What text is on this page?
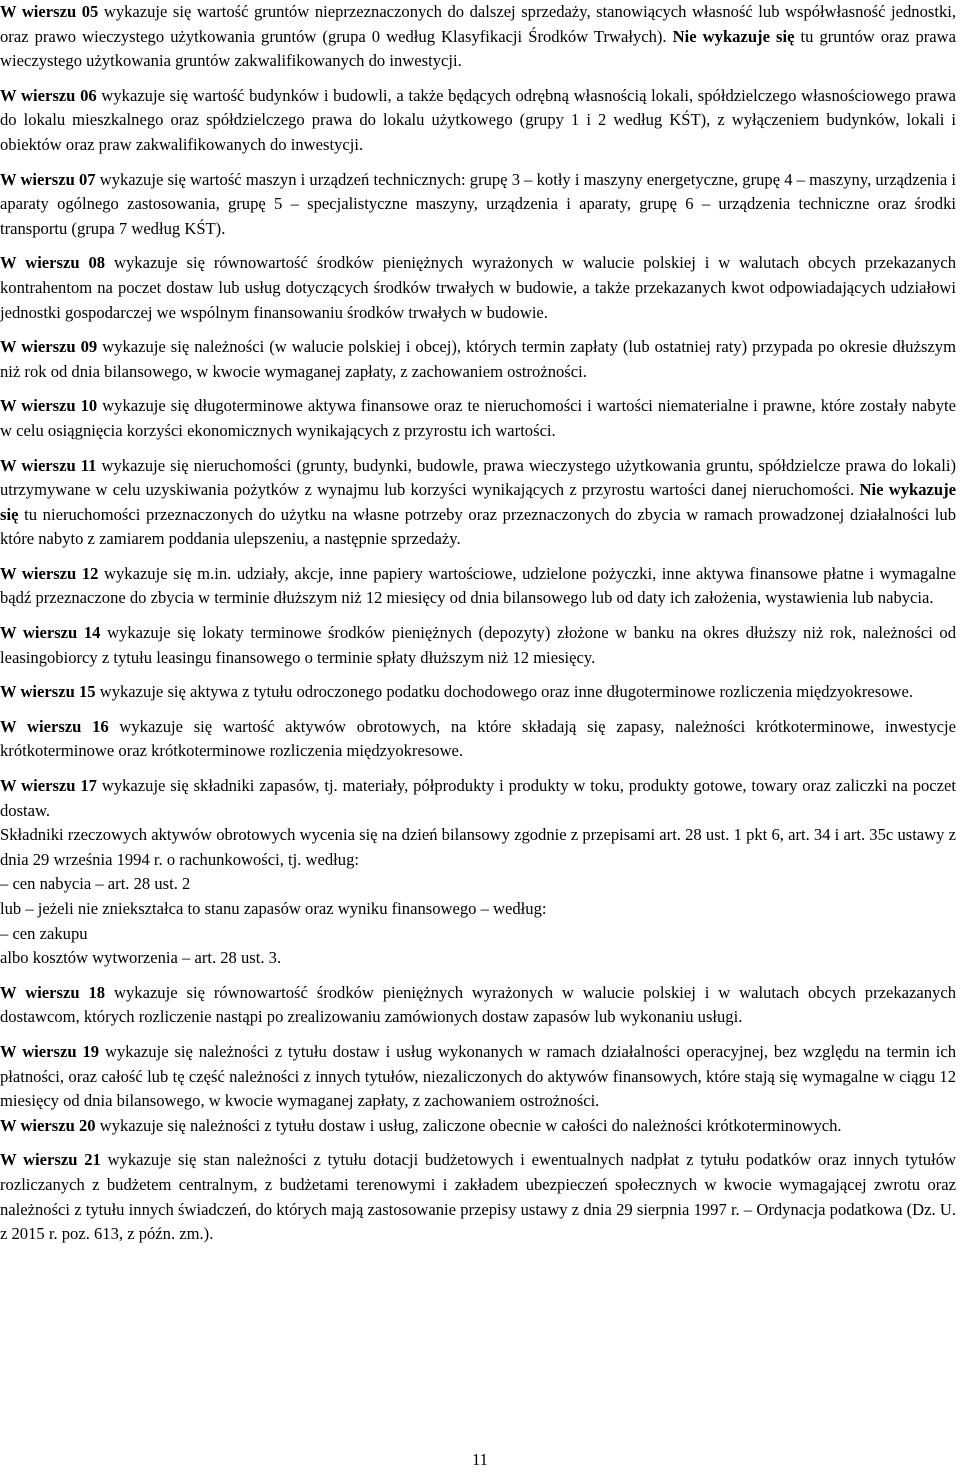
W wierszu 05 wykazuje się wartość gruntów nieprzeznaczonych do dalszej sprzedaży, stanowiących własność lub współwłasność jednostki, oraz prawo wieczystego użytkowania gruntów (grupa 0 według Klasyfikacji Środków Trwałych). Nie wykazuje się tu gruntów oraz prawa wieczystego użytkowania gruntów zakwalifikowanych do inwestycji.

W wierszu 06 wykazuje się wartość budynków i budowli, a także będących odrębną własnością lokali, spółdzielczego własnościowego prawa do lokalu mieszkalnego oraz spółdzielczego prawa do lokalu użytkowego (grupy 1 i 2 według KŚT), z wyłączeniem budynków, lokali i obiektów oraz praw zakwalifikowanych do inwestycji.

W wierszu 07 wykazuje się wartość maszyn i urządzeń technicznych: grupę 3 – kotły i maszyny energetyczne, grupę 4 – maszyny, urządzenia i aparaty ogólnego zastosowania, grupę 5 – specjalistyczne maszyny, urządzenia i aparaty, grupę 6 – urządzenia techniczne oraz środki transportu (grupa 7 według KŚT).

W wierszu 08 wykazuje się równowartość środków pieniężnych wyrażonych w walucie polskiej i w walutach obcych przekazanych kontrahentom na poczet dostaw lub usług dotyczących środków trwałych w budowie, a także przekazanych kwot odpowiadających udziałowi jednostki gospodarczej we wspólnym finansowaniu środków trwałych w budowie.

W wierszu 09 wykazuje się należności (w walucie polskiej i obcej), których termin zapłaty (lub ostatniej raty) przypada po okresie dłuższym niż rok od dnia bilansowego, w kwocie wymaganej zapłaty, z zachowaniem ostrożności.

W wierszu 10 wykazuje się długoterminowe aktywa finansowe oraz te nieruchomości i wartości niematerialne i prawne, które zostały nabyte w celu osiągnięcia korzyści ekonomicznych wynikających z przyrostu ich wartości.

W wierszu 11 wykazuje się nieruchomości (grunty, budynki, budowle, prawa wieczystego użytkowania gruntu, spółdzielcze prawa do lokali) utrzymywane w celu uzyskiwania pożytków z wynajmu lub korzyści wynikających z przyrostu wartości danej nieruchomości. Nie wykazuje się tu nieruchomości przeznaczonych do użytku na własne potrzeby oraz przeznaczonych do zbycia w ramach prowadzonej działalności lub które nabyto z zamiarem poddania ulepszeniu, a następnie sprzedaży.

W wierszu 12 wykazuje się m.in. udziały, akcje, inne papiery wartościowe, udzielone pożyczki, inne aktywa finansowe płatne i wymagalne bądź przeznaczone do zbycia w terminie dłuższym niż 12 miesięcy od dnia bilansowego lub od daty ich założenia, wystawienia lub nabycia.

W wierszu 14 wykazuje się lokaty terminowe środków pieniężnych (depozyty) złożone w banku na okres dłuższy niż rok, należności od leasingobiorcy z tytułu leasingu finansowego o terminie spłaty dłuższym niż 12 miesięcy.

W wierszu 15 wykazuje się aktywa z tytułu odroczonego podatku dochodowego oraz inne długoterminowe rozliczenia międzyokresowe.

W wierszu 16 wykazuje się wartość aktywów obrotowych, na które składają się zapasy, należności krótkoterminowe, inwestycje krótkoterminowe oraz krótkoterminowe rozliczenia międzyokresowe.

W wierszu 17 wykazuje się składniki zapasów, tj. materiały, półprodukty i produkty w toku, produkty gotowe, towary oraz zaliczki na poczet dostaw.

Składniki rzeczowych aktywów obrotowych wycenia się na dzień bilansowy zgodnie z przepisami art. 28 ust. 1 pkt 6, art. 34 i art. 35c ustawy z dnia 29 września 1994 r. o rachunkowości, tj. według:

– cen nabycia – art. 28 ust. 2

lub – jeżeli nie zniekształca to stanu zapasów oraz wyniku finansowego – według:

– cen zakupu

albo kosztów wytworzenia – art. 28 ust. 3.

W wierszu 18 wykazuje się równowartość środków pieniężnych wyrażonych w walucie polskiej i w walutach obcych przekazanych dostawcom, których rozliczenie nastąpi po zrealizowaniu zamówionych dostaw zapasów lub wykonaniu usługi.

W wierszu 19 wykazuje się należności z tytułu dostaw i usług wykonanych w ramach działalności operacyjnej, bez względu na termin ich płatności, oraz całość lub tę część należności z innych tytułów, niezaliczonych do aktywów finansowych, które stają się wymagalne w ciągu 12 miesięcy od dnia bilansowego, w kwocie wymaganej zapłaty, z zachowaniem ostrożności.

W wierszu 20 wykazuje się należności z tytułu dostaw i usług, zaliczone obecnie w całości do należności krótkoterminowych.

W wierszu 21 wykazuje się stan należności z tytułu dotacji budżetowych i ewentualnych nadpłat z tytułu podatków oraz innych tytułów rozliczanych z budżetem centralnym, z budżetami terenowymi i zakładem ubezpieczeń społecznych w kwocie wymagającej zwrotu oraz należności z tytułu innych świadczeń, do których mają zastosowanie przepisy ustawy z dnia 29 sierpnia 1997 r. – Ordynacja podatkowa (Dz. U. z 2015 r. poz. 613, z późn. zm.).

11
